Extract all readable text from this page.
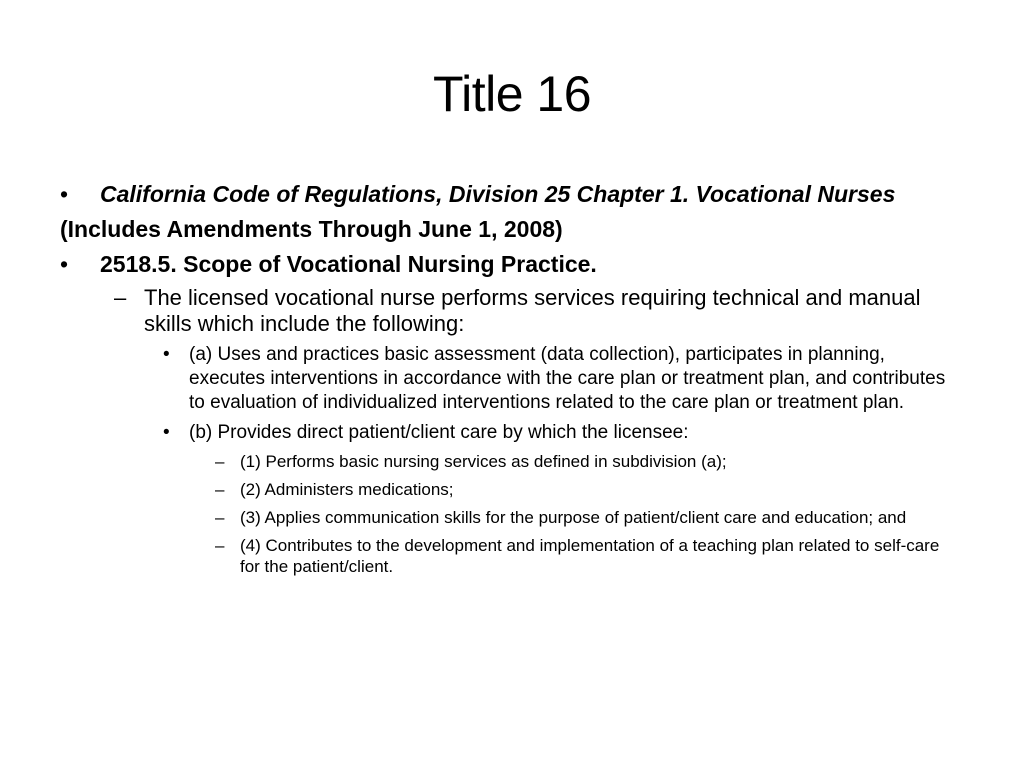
Title 16
• California Code of Regulations, Division 25 Chapter 1. Vocational Nurses
(Includes Amendments Through June 1, 2008)
• 2518.5. Scope of Vocational Nursing Practice.
– The licensed vocational nurse performs services requiring technical and manual skills which include the following:
• (a) Uses and practices basic assessment (data collection), participates in planning, executes interventions in accordance with the care plan or treatment plan, and contributes to evaluation of individualized interventions related to the care plan or treatment plan.
• (b) Provides direct patient/client care by which the licensee:
– (1) Performs basic nursing services as defined in subdivision (a);
– (2) Administers medications;
– (3) Applies communication skills for the purpose of patient/client care and education; and
– (4) Contributes to the development and implementation of a teaching plan related to self-care for the patient/client.
